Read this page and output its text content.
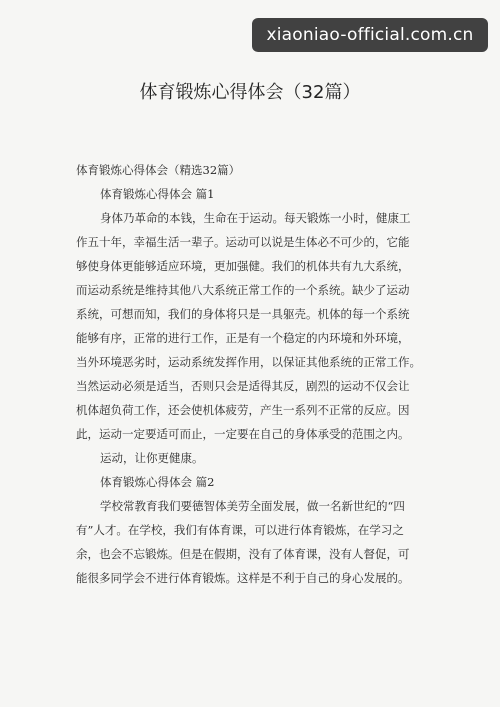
xiaoniao-official.com.cn
体育锻炼心得体会（32篇）
体育锻炼心得体会（精选32篇）
体育锻炼心得体会 篇1
身体乃革命的本钱，生命在于运动。每天锻炼一小时，健康工
作五十年，幸福生活一辈子。运动可以说是生体必不可少的，它能
够使身体更能够适应环境，更加强健。我们的机体共有九大系统，
而运动系统是维持其他八大系统正常工作的一个系统。缺少了运动
系统，可想而知，我们的身体将只是一具躯壳。机体的每一个系统
能够有序，正常的进行工作，正是有一个稳定的内环境和外环境，
当外环境恶劣时，运动系统发挥作用，以保证其他系统的正常工作。
当然运动必须是适当，否则只会是适得其反，剧烈的运动不仅会让
机体超负荷工作，还会使机体疲劳，产生一系列不正常的反应。因
此，运动一定要适可而止，一定要在自己的身体承受的范围之内。
运动，让你更健康。
体育锻炼心得体会 篇2
学校常教育我们要德智体美劳全面发展，做一名新世纪的“四
有”人才。在学校，我们有体育课，可以进行体育锻炼，在学习之
余，也会不忘锻炼。但是在假期，没有了体育课，没有人督促，可
能很多同学会不进行体育锻炼。这样是不利于自己的身心发展的。
